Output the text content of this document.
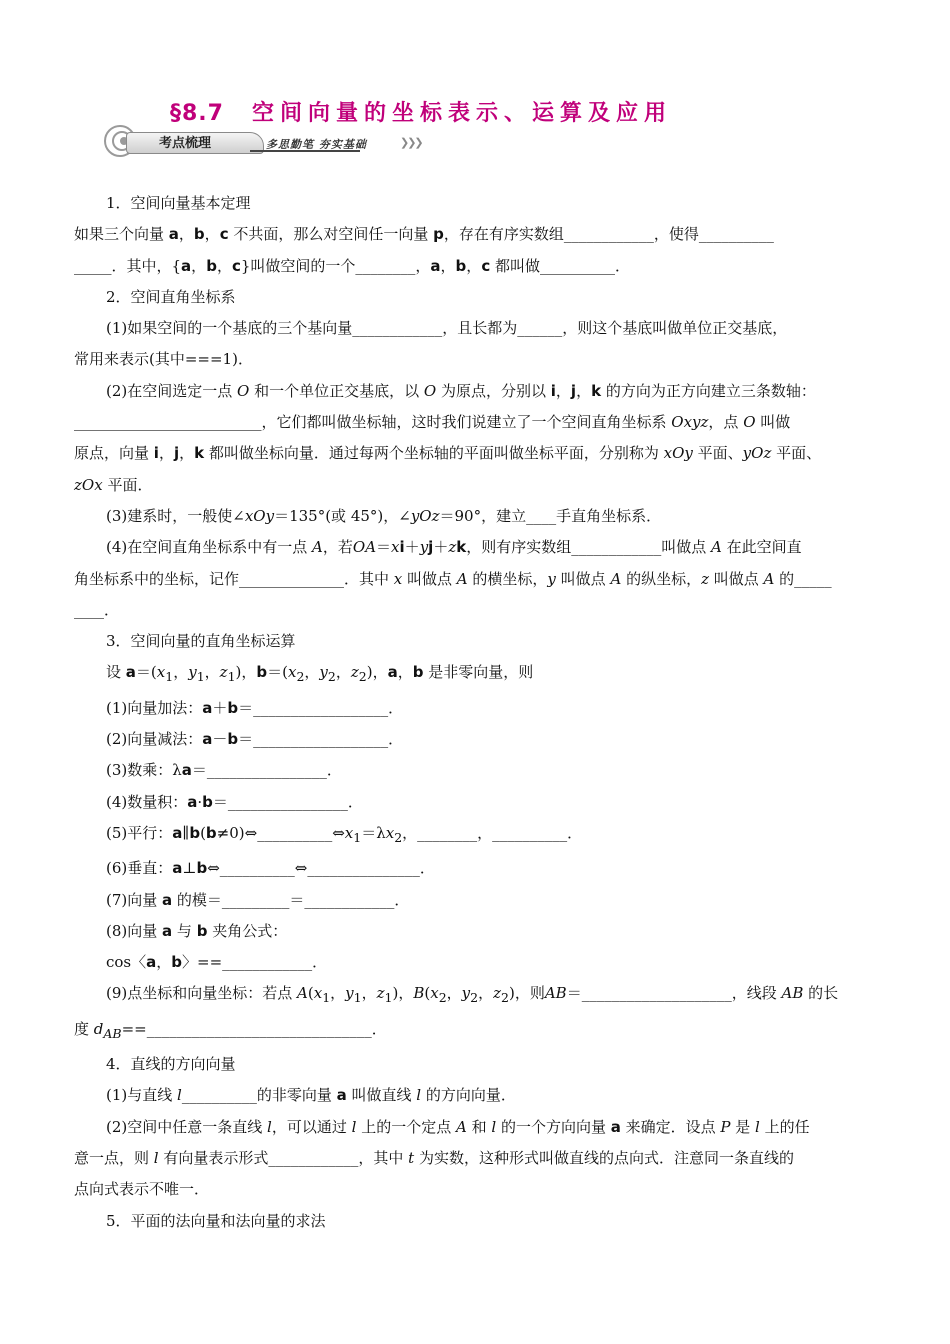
§8.7 空间向量的坐标表示、运算及应用
考点梳理	多思勤笔 夯实基础	❯❯❯

1．空间向量基本定理

如果三个向量 a，b，c 不共面，那么对空间任一向量 p，存在有序实数组____________，使得__________

_____．其中，{a，b，c}叫做空间的一个________，a，b，c 都叫做__________．

2．空间直角坐标系

(1)如果空间的一个基底的三个基向量____________，且长都为______，则这个基底叫做单位正交基底，

常用来表示(其中===1)．

(2)在空间选定一点 O 和一个单位正交基底，以 O 为原点，分别以 i，j，k 的方向为正方向建立三条数轴：

_________________________，它们都叫做坐标轴，这时我们说建立了一个空间直角坐标系 Oxyz，点 O 叫做

原点，向量 i，j，k 都叫做坐标向量．通过每两个坐标轴的平面叫做坐标平面，分别称为 xOy 平面、yOz 平面、

zOx 平面．

(3)建系时，一般使∠xOy＝135°(或 45°)，∠yOz＝90°，建立____手直角坐标系．

(4)在空间直角坐标系中有一点 A，若OA＝xi＋yj＋zk，则有序实数组____________叫做点 A 在此空间直

角坐标系中的坐标，记作______________．其中 x 叫做点 A 的横坐标，y 叫做点 A 的纵坐标，z 叫做点 A 的_____

____．

3．空间向量的直角坐标运算

设 $a=(x_1$，$y_1$，$z_1$)，$b=(x_2$，$y_2$，$z_2$)，a，b 是非零向量，则

(1)向量加法：a＋b＝__________________．

(2)向量减法：a－b＝__________________．

(3)数乘：λa＝________________．

(4)数量积：a·b＝________________．

(5)平行：$a\parallel b(b\ne 0)\Leftrightarrow\_\_\_\_\_\_\_\_\_\_\Leftrightarrow x_1=\lambda x_2$，________，__________．

(6)垂直：a⊥b⇔__________⇔_______________．

(7)向量 a 的模＝_________＝____________．

(8)向量 a 与 b 夹角公式：

cos〈a，b〉==____________．

(9)点坐标和向量坐标：若点 $A(x_1$，$y_1$，$z_1$)，$B(x_2$，$y_2$，$z_2$)，则AB＝____________________，线段 AB 的长

度 $d_{AB}==\_\_\_\_\_\_\_\_\_\_\_\_\_\_\_\_\_\_\_\_\_\_\_\_\_\_\_\_\_\_$．

4．直线的方向向量

(1)与直线 l__________的非零向量 a 叫做直线 l 的方向向量．

(2)空间中任意一条直线 l，可以通过 l 上的一个定点 A 和 l 的一个方向向量 a 来确定．设点 P 是 l 上的任

意一点，则 l 有向量表示形式____________，其中 t 为实数，这种形式叫做直线的点向式．注意同一条直线的

点向式表示不唯一．

5．平面的法向量和法向量的求法
